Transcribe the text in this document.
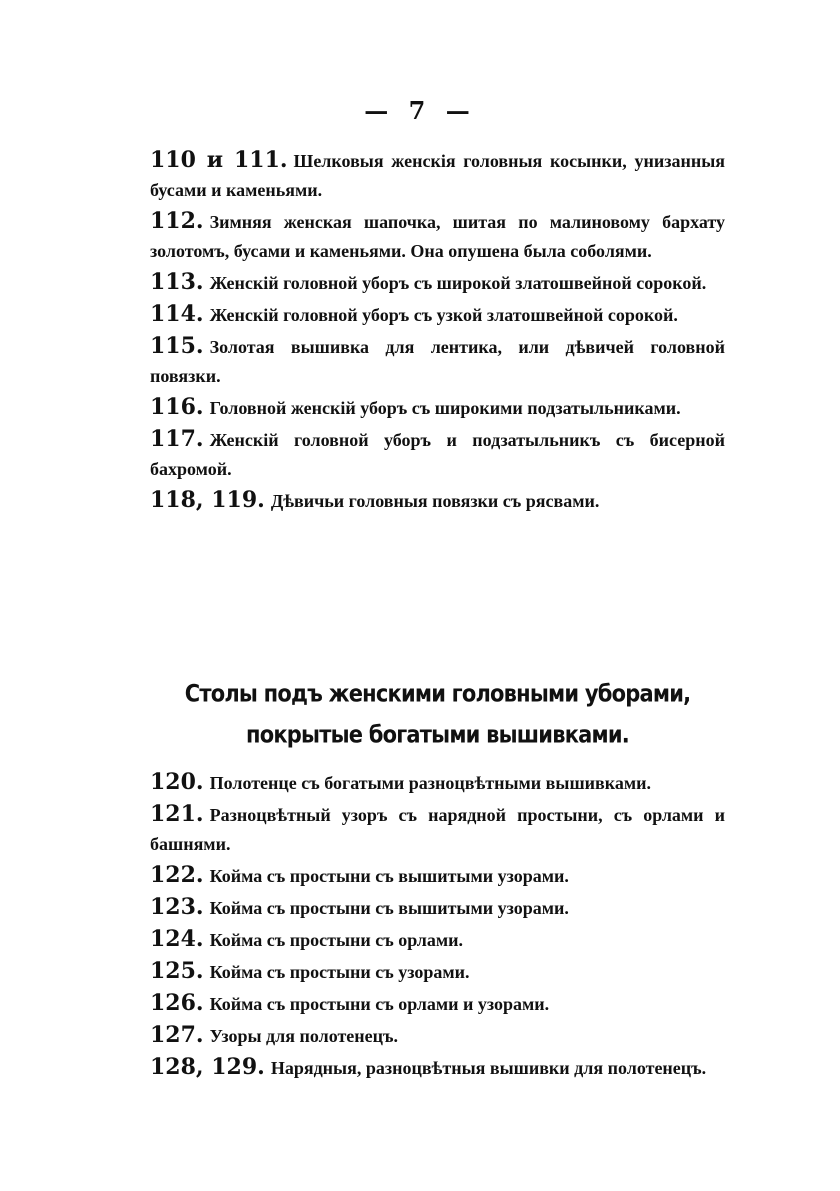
— 7 —

110 и 111. Шелковыя женскія головныя косынки, унизанныя бусами и каменьями.

112. Зимняя женская шапочка, шитая по малиновому бархату золотомъ, бусами и каменьями. Она опушена была соболями.

113. Женскій головной уборъ съ широкой златошвейной сорокой.

114. Женскій головной уборъ съ узкой златошвейной сорокой.

115. Золотая вышивка для лентика, или дѣвичей головной повязки.

116. Головной женскій уборъ съ широкими подзатыльниками.

117. Женскій головной уборъ и подзатыльникъ съ бисерной бахромой.

118, 119. Дѣвичьи головныя повязки съ рясвами.

Столы подъ женскими головными уборами, покрытые богатыми вышивками.

120. Полотенце съ богатыми разноцвѣтными вышивками.

121. Разноцвѣтный узоръ съ нарядной простыни, съ орлами и башнями.

122. Койма съ простыни съ вышитыми узорами.

123. Койма съ простыни съ вышитыми узорами.

124. Койма съ простыни съ орлами.

125. Койма съ простыни съ узорами.

126. Койма съ простыни съ орлами и узорами.

127. Узоры для полотенецъ.

128, 129. Нарядныя, разноцвѣтныя вышивки для полотенецъ.
